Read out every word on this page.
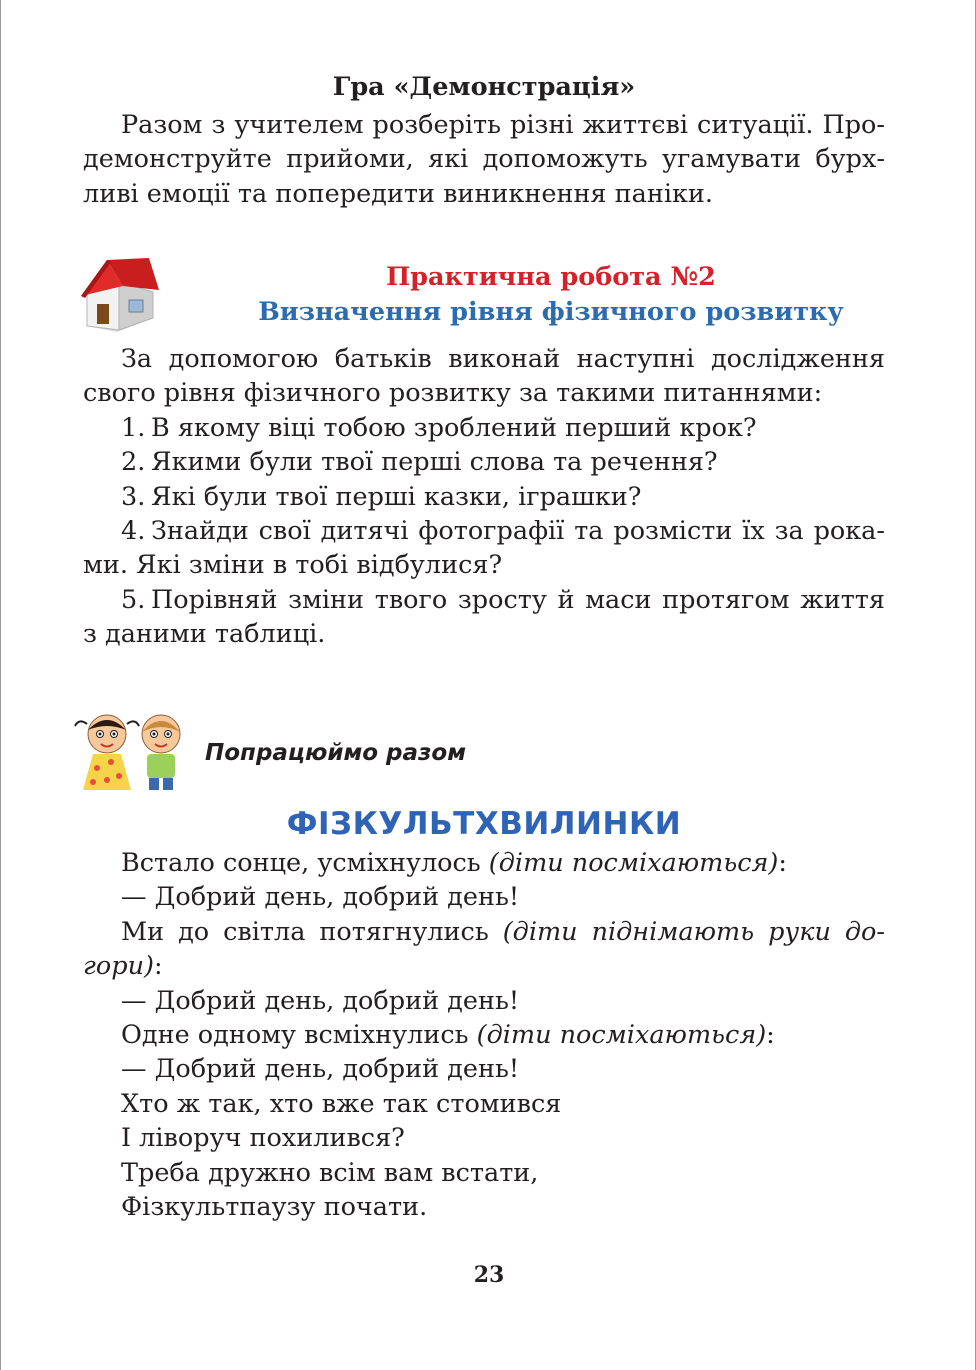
Гра «Демонстрація»
Разом з учителем розберіть різні життєві ситуації. Про-
демонструйте прийоми, які допоможуть угамувати бурх-
ливі емоції та попередити виникнення паніки.
Практична робота №2
Визначення рівня фізичного розвитку
За допомогою батьків виконай наступні дослідження
свого рівня фізичного розвитку за такими питаннями:
1. В якому віці тобою зроблений перший крок?
2. Якими були твої перші слова та речення?
3. Які були твої перші казки, іграшки?
4. Знайди свої дитячі фотографії та розмісти їх за рока-
ми. Які зміни в тобі відбулися?
5. Порівняй зміни твого зросту й маси протягом життя
з даними таблиці.
Попрацюймо разом
ФІЗКУЛЬТХВИЛИНКИ
Встало сонце, усміхнулось (діти посміхаються):
— Добрий день, добрий день!
Ми до світла потягнулись (діти піднімають руки до-
гори):
— Добрий день, добрий день!
Одне одному всміхнулись (діти посміхаються):
— Добрий день, добрий день!
Хто ж так, хто вже так стомився
І ліворуч похилився?
Треба дружно всім вам встати,
Фізкультпаузу почати.
23
